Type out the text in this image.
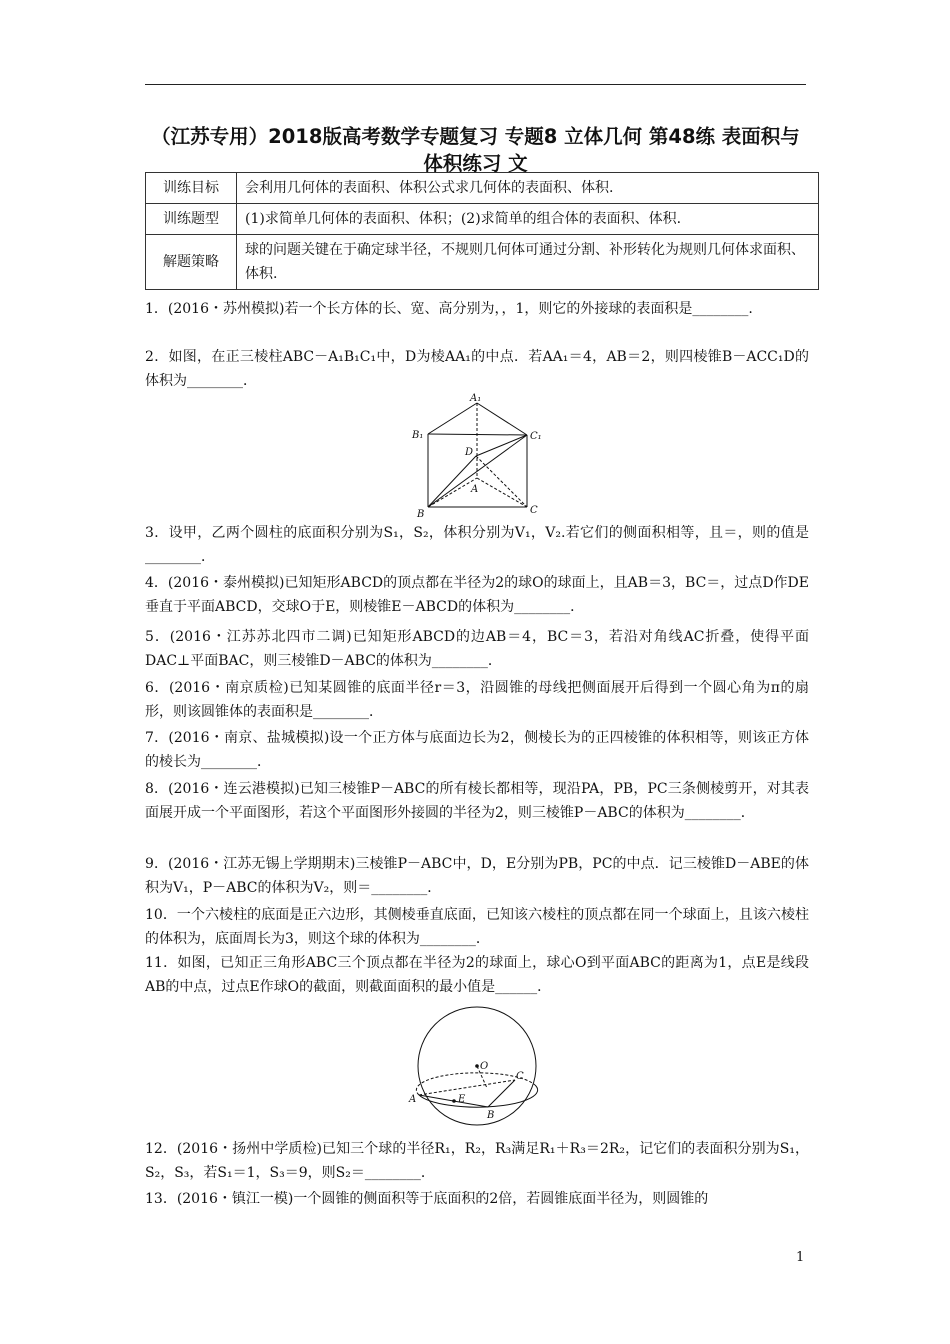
（江苏专用）2018版高考数学专题复习 专题8 立体几何 第48练 表面积与体积练习 文
训练目标	会利用几何体的表面积、体积公式求几何体的表面积、体积.
训练题型	(1)求简单几何体的表面积、体积；(2)求简单的组合体的表面积、体积.
解题策略	球的问题关键在于确定球半径，不规则几何体可通过分割、补形转化为规则几何体求面积、体积.
1．(2016・苏州模拟)若一个长方体的长、宽、高分别为，，1，则它的外接球的表面积是________.
2．如图，在正三棱柱ABC－A₁B₁C₁中，D为棱AA₁的中点．若AA₁＝4，AB＝2，则四棱锥B－ACC₁D的体积为________．
A₁
B₁	C₁
D
A
B	C
3．设甲，乙两个圆柱的底面积分别为S₁，S₂，体积分别为V₁，V₂.若它们的侧面积相等，且＝，则的值是________．
4．(2016・泰州模拟)已知矩形ABCD的顶点都在半径为2的球O的球面上，且AB＝3，BC＝，过点D作DE垂直于平面ABCD，交球O于E，则棱锥E－ABCD的体积为________．
5．(2016・江苏苏北四市二调)已知矩形ABCD的边AB＝4，BC＝3，若沿对角线AC折叠，使得平面DAC⊥平面BAC，则三棱锥D－ABC的体积为________．
6．(2016・南京质检)已知某圆锥的底面半径r＝3，沿圆锥的母线把侧面展开后得到一个圆心角为π的扇形，则该圆锥体的表面积是________．
7．(2016・南京、盐城模拟)设一个正方体与底面边长为2，侧棱长为的正四棱锥的体积相等，则该正方体的棱长为________．
8．(2016・连云港模拟)已知三棱锥P－ABC的所有棱长都相等，现沿PA，PB，PC三条侧棱剪开，对其表面展开成一个平面图形，若这个平面图形外接圆的半径为2，则三棱锥P－ABC的体积为________．
9．(2016・江苏无锡上学期期末)三棱锥P－ABC中，D，E分别为PB，PC的中点．记三棱锥D－ABE的体积为V₁，P－ABC的体积为V₂，则＝________．
10．一个六棱柱的底面是正六边形，其侧棱垂直底面，已知该六棱柱的顶点都在同一个球面上，且该六棱柱的体积为，底面周长为3，则这个球的体积为________．
11．如图，已知正三角形ABC三个顶点都在半径为2的球面上，球心O到平面ABC的距离为1，点E是线段AB的中点，过点E作球O的截面，则截面面积的最小值是______．
O
A
B
C
E
12．(2016・扬州中学质检)已知三个球的半径R₁，R₂，R₃满足R₁＋R₃＝2R₂，记它们的表面积分别为S₁，S₂，S₃，若S₁＝1，S₃＝9，则S₂＝________．
13．(2016・镇江一模)一个圆锥的侧面积等于底面积的2倍，若圆锥底面半径为，则圆锥的
1
